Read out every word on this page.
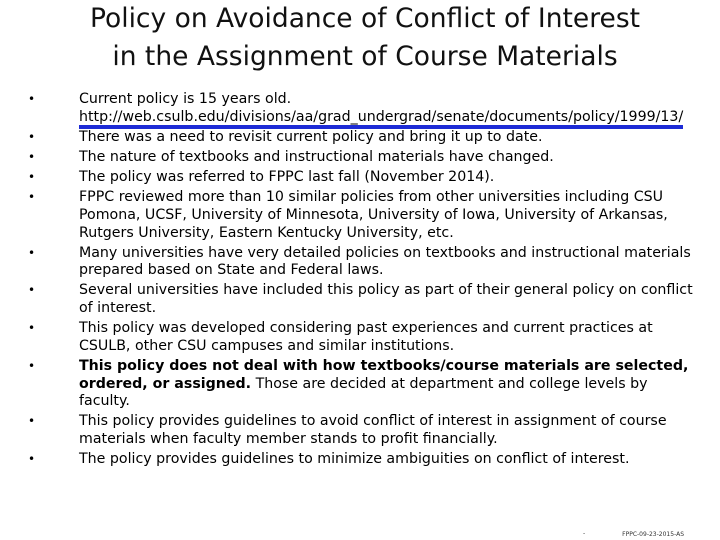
Policy on Avoidance of Conflict of Interest
in the Assignment of Course Materials
•	Current policy is 15 years old.
http://web.csulb.edu/divisions/aa/grad_undergrad/senate/documents/policy/1999/13/
•	There was a need to revisit current policy and bring it up to date.
•	The nature of textbooks and instructional materials have changed.
•	The policy was referred to FPPC last fall (November 2014).
•	FPPC reviewed more than 10 similar policies from other universities including CSU Pomona, UCSF, University of Minnesota, University of Iowa, University of Arkansas, Rutgers University, Eastern Kentucky University, etc.
•	Many universities have very detailed policies on textbooks and instructional materials prepared based on State and Federal laws.
•	Several universities have included this policy as part of their general policy on conflict of interest.
•	This policy was developed considering past experiences and current practices at CSULB, other CSU campuses and similar institutions.
•	This policy does not deal with how textbooks/course materials are selected, ordered, or assigned. Those are decided at department and college levels by faculty.
•	This policy provides guidelines to avoid conflict of interest in assignment of course materials when faculty member stands to profit financially.
•	The policy provides guidelines to minimize ambiguities on conflict of interest.
-	FPPC-09-23-2015-AS
